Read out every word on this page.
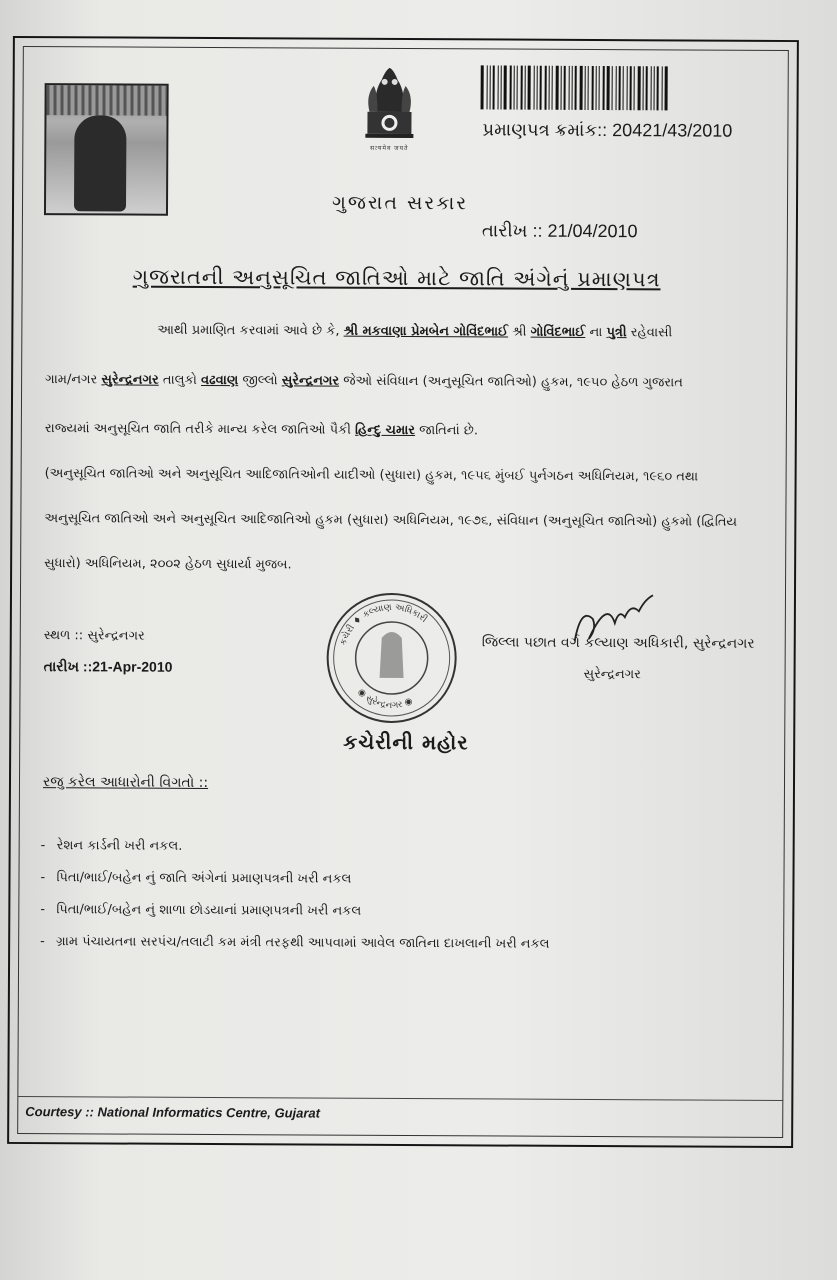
सत्यमेव जयते
પ્રમાણપત્ર ક્રમાંક:: 20421/43/2010
ગુજરાત સરકાર
તારીખ :: 21/04/2010
ગુજરાતની અનુસૂચિત જાતિઓ માટે જાતિ અંગેનું પ્રમાણપત્ર
આથી પ્રમાણિત કરવામાં આવે છે કે, શ્રી મકવાણા પ્રેમબેન ગોવિંદભાઈ શ્રી ગોવિંદભાઈ ના પુત્રી રહેવાસી
ગામ/નગર સુરેન્દ્રનગર તાલુકો વઢવાણ જીલ્લો સુરેન્દ્રનગર જેઓ સંવિધાન (અનુસૂચિત જાતિઓ) હુકમ, ૧૯૫૦ હેઠળ ગુજરાત
રાજ્યમાં અનુસૂચિત જાતિ તરીકે માન્ય કરેલ જાતિઓ પૈકી હિન્દુ ચમાર જાતિનાં છે.
(અનુસૂચિત જાતિઓ અને અનુસૂચિત આદિજાતિઓની યાદીઓ (સુધારા) હુકમ, ૧૯૫૬ મુંબઈ પુર્નગઠન અધિનિયમ, ૧૯૬૦ તથા
અનુસૂચિત જાતિઓ અને અનુસૂચિત આદિજાતિઓ હુકમ (સુધારા) અધિનિયમ, ૧૯૭૬, સંવિધાન (અનુસૂચિત જાતિઓ) હુકમો (દ્વિતિય
સુધારો) અધિનિયમ, ૨૦૦૨ હેઠળ સુધાર્યા મુજબ.
સ્થળ :: સુરેન્દ્રનગર
તારીખ ::21-Apr-2010
કચેરી ♦ કલ્યાણ અધિકારી
◉ સુરેન્દ્રનગર ◉
કચેરીની મહોર
જિલ્લા પછાત વર્ગ કલ્યાણ અધિકારી, સુરેન્દ્રનગર
સુરેન્દ્રનગર
રજુ કરેલ આધારોની વિગતો ::
- રેશન કાર્ડની ખરી નકલ.
- પિતા/ભાઈ/બહેન નું જાતિ અંગેનાં પ્રમાણપત્રની ખરી નકલ
- પિતા/ભાઈ/બહેન નું શાળા છોડયાનાં પ્રમાણપત્રની ખરી નકલ
- ગ્રામ પંચાયતના સરપંચ/તલાટી કમ મંત્રી તરફથી આપવામાં આવેલ જાતિના દાખલાની ખરી નકલ
Courtesy :: National Informatics Centre, Gujarat
